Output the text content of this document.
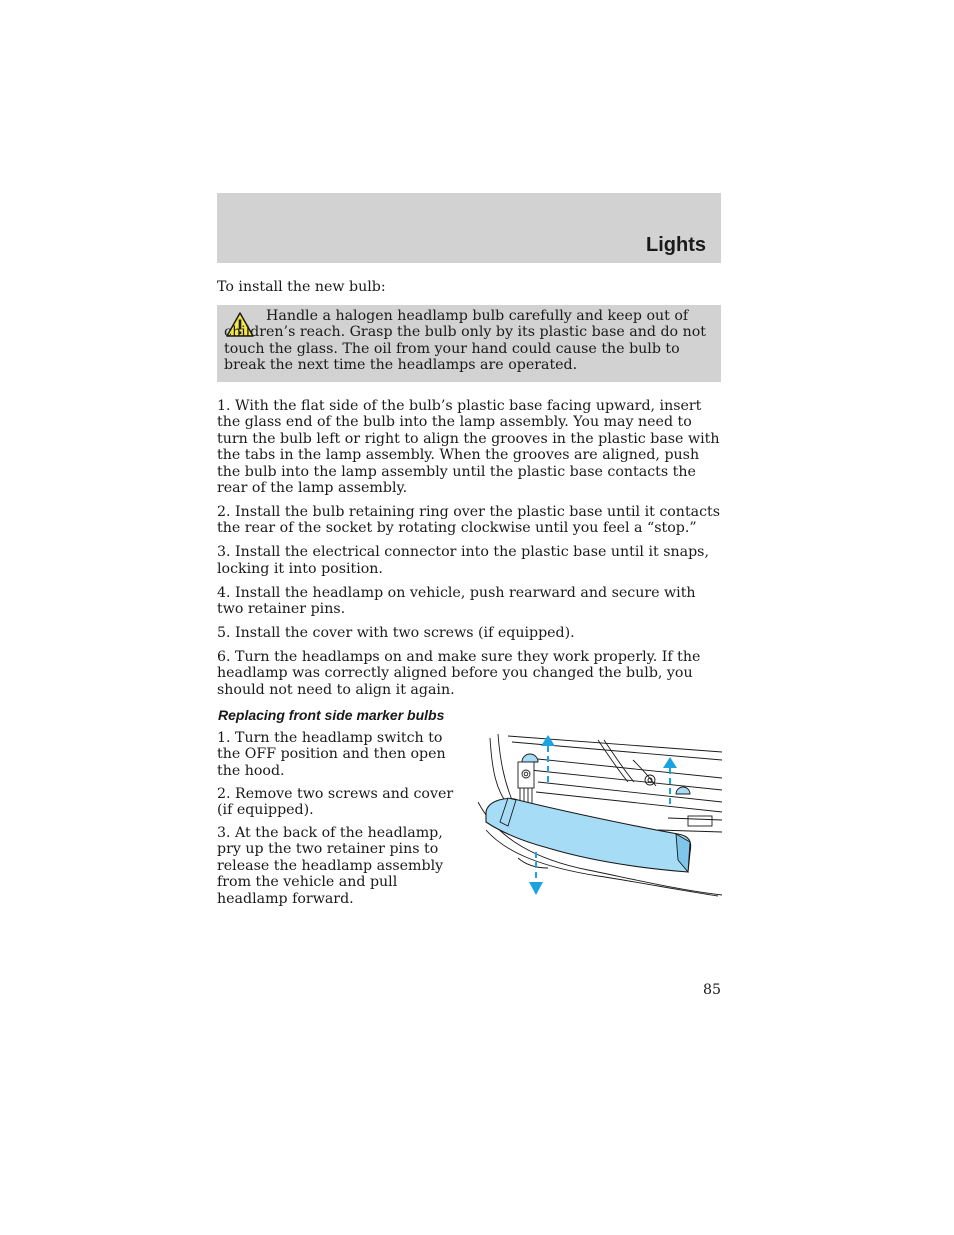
Lights
To install the new bulb:
Handle a halogen headlamp bulb carefully and keep out of children’s reach. Grasp the bulb only by its plastic base and do not touch the glass. The oil from your hand could cause the bulb to break the next time the headlamps are operated.

1. With the flat side of the bulb’s plastic base facing upward, insert the glass end of the bulb into the lamp assembly. You may need to turn the bulb left or right to align the grooves in the plastic base with the tabs in the lamp assembly. When the grooves are aligned, push the bulb into the lamp assembly until the plastic base contacts the rear of the lamp assembly.

2. Install the bulb retaining ring over the plastic base until it contacts the rear of the socket by rotating clockwise until you feel a “stop.”

3. Install the electrical connector into the plastic base until it snaps, locking it into position.

4. Install the headlamp on vehicle, push rearward and secure with two retainer pins.

5. Install the cover with two screws (if equipped).

6. Turn the headlamps on and make sure they work properly. If the headlamp was correctly aligned before you changed the bulb, you should not need to align it again.

Replacing front side marker bulbs

1. Turn the headlamp switch to the OFF position and then open the hood.

2. Remove two screws and cover (if equipped).

3. At the back of the headlamp, pry up the two retainer pins to release the headlamp assembly from the vehicle and pull headlamp forward.

85
